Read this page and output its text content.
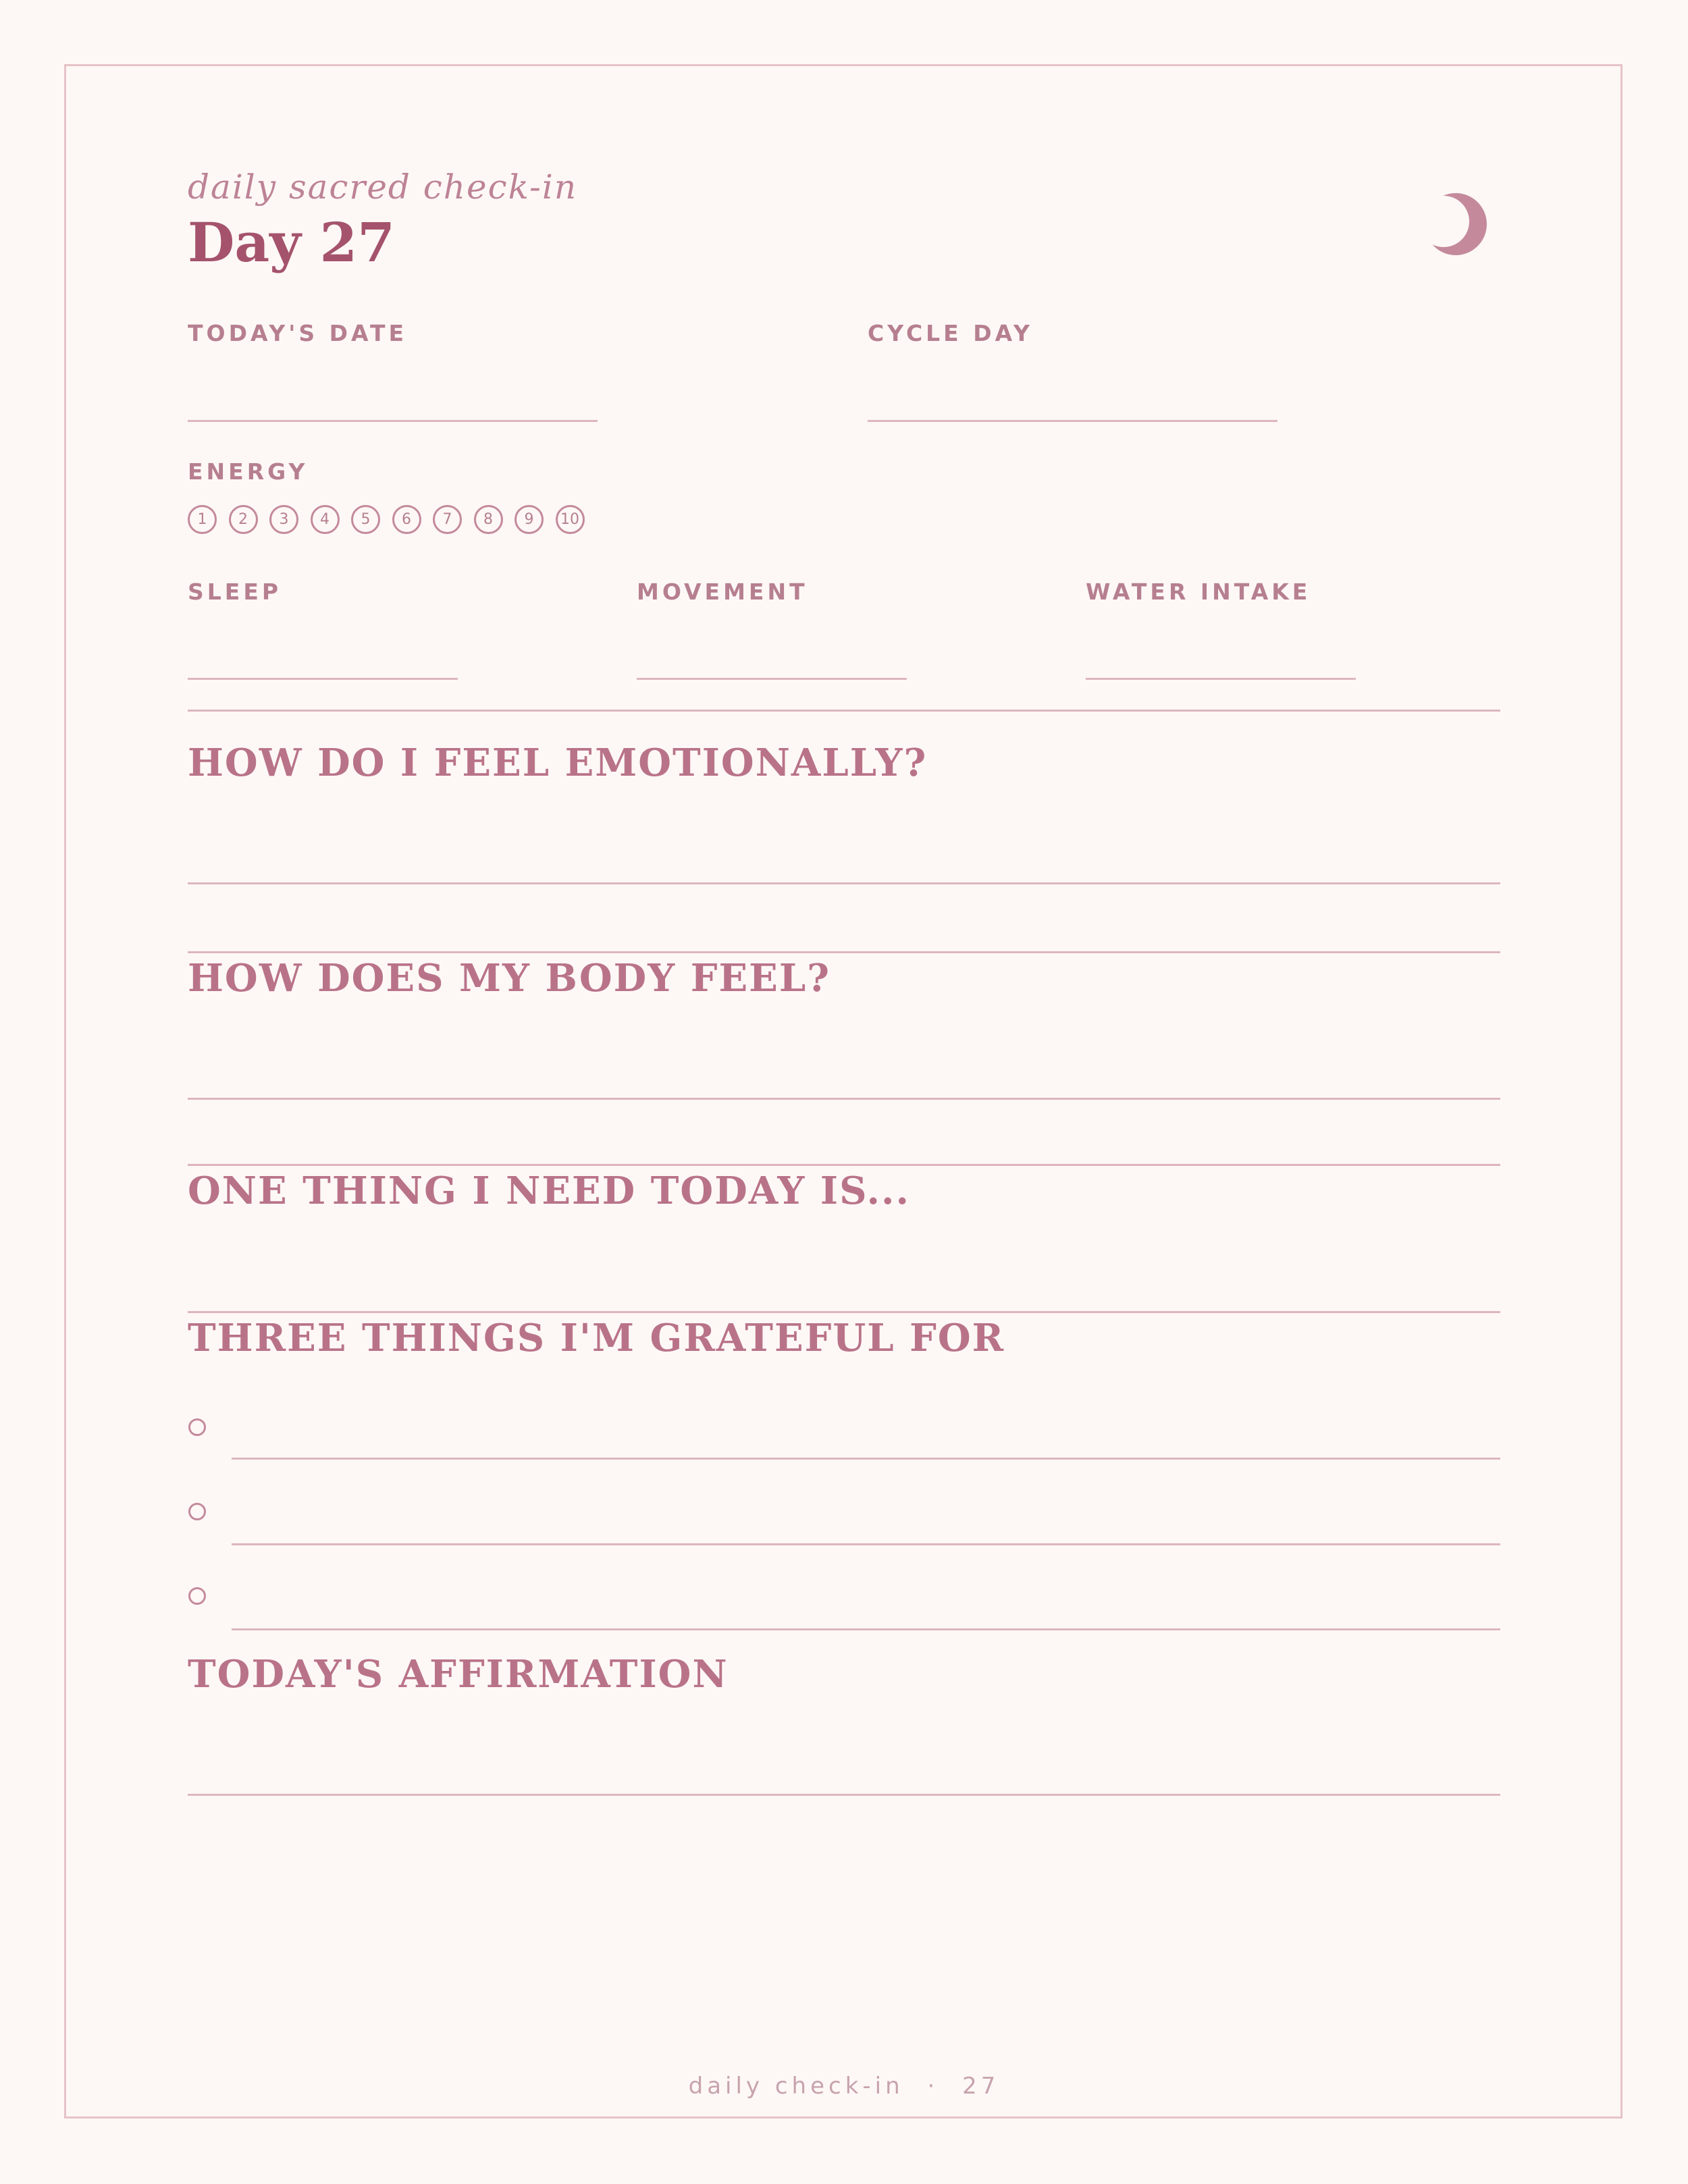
daily sacred check-in
Day 27
TODAY'S DATE	CYCLE DAY
ENERGY
1	2	3	4	5	6	7	8	9	10
SLEEP	MOVEMENT	WATER INTAKE
HOW DO I FEEL EMOTIONALLY?
HOW DOES MY BODY FEEL?
ONE THING I NEED TODAY IS...
THREE THINGS I'M GRATEFUL FOR
TODAY'S AFFIRMATION
daily check-in · 27
